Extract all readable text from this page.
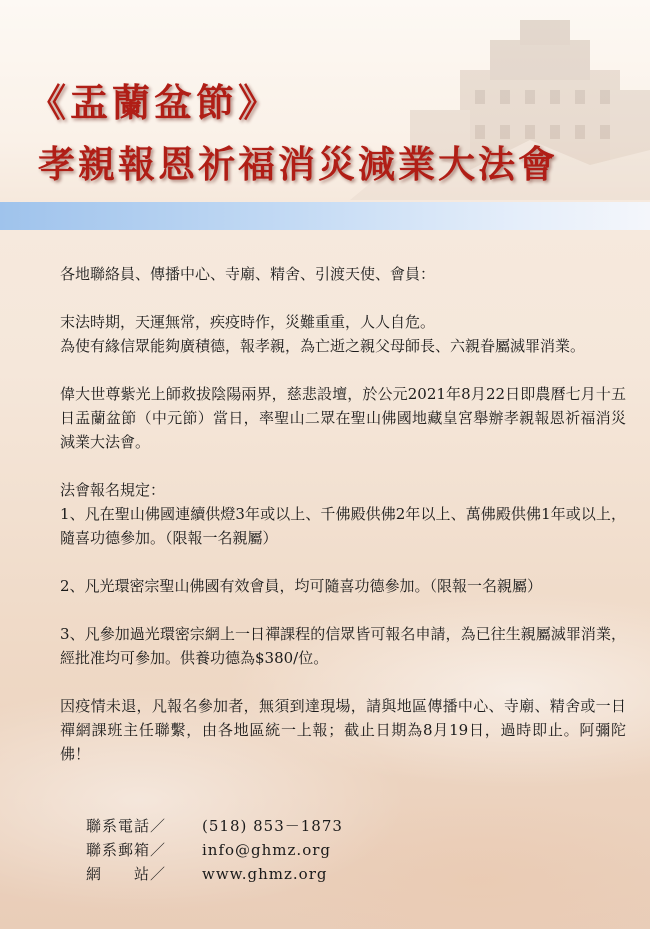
《盂蘭盆節》
孝親報恩祈福消災減業大法會

各地聯絡員、傳播中心、寺廟、精舍、引渡天使、會員：

末法時期，天運無常，疾疫時作，災難重重，人人自危。

為使有緣信眾能夠廣積德，報孝親，為亡逝之親父母師長、六親眷屬滅罪消業。

偉大世尊紫光上師救拔陰陽兩界，慈悲設壇，於公元2021年8月22日即農曆七月十五日盂蘭盆節（中元節）當日，率聖山二眾在聖山佛國地藏皇宮舉辦孝親報恩祈福消災減業大法會。

法會報名規定：

1、凡在聖山佛國連續供燈3年或以上、千佛殿供佛2年以上、萬佛殿供佛1年或以上，隨喜功德參加。（限報一名親屬）

2、凡光環密宗聖山佛國有效會員，均可隨喜功德參加。（限報一名親屬）

3、凡參加過光環密宗網上一日禪課程的信眾皆可報名申請，為已往生親屬滅罪消業，經批准均可參加。供養功德為$380/位。

因疫情未退，凡報名參加者，無須到達現場，請與地區傳播中心、寺廟、精舍或一日禪網課班主任聯繫，由各地區統一上報；截止日期為8月19日，過時即止。阿彌陀佛！

聯系電話／	(518) 853－1873
聯系郵箱／	info@ghmz.org
網　　站／	www.ghmz.org
